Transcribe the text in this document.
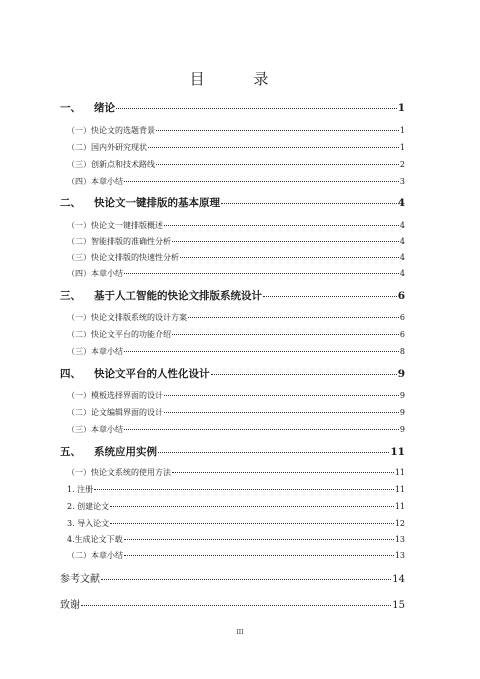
目 录
一、	绪论	1
（一）快论文的选题背景	1
（二）国内外研究现状	1
（三）创新点和技术路线	2
（四）本章小结	3
二、	快论文一键排版的基本原理	4
（一）快论文一键排版概述	4
（二）智能排版的准确性分析	4
（三）快论文排版的快速性分析	4
（四）本章小结	4
三、	基于人工智能的快论文排版系统设计	6
（一）快论文排版系统的设计方案	6
（二）快论文平台的功能介绍	6
（三）本章小结	8
四、	快论文平台的人性化设计	9
（一）模板选择界面的设计	9
（二）论文编辑界面的设计	9
（三）本章小结	9
五、	系统应用实例	11
（一）快论文系统的使用方法	11
1. 注册	11
2. 创建论文	11
3. 导入论文	12
4.生成论文下载	13
（二）本章小结	13
参考文献	14
致谢	15
III
